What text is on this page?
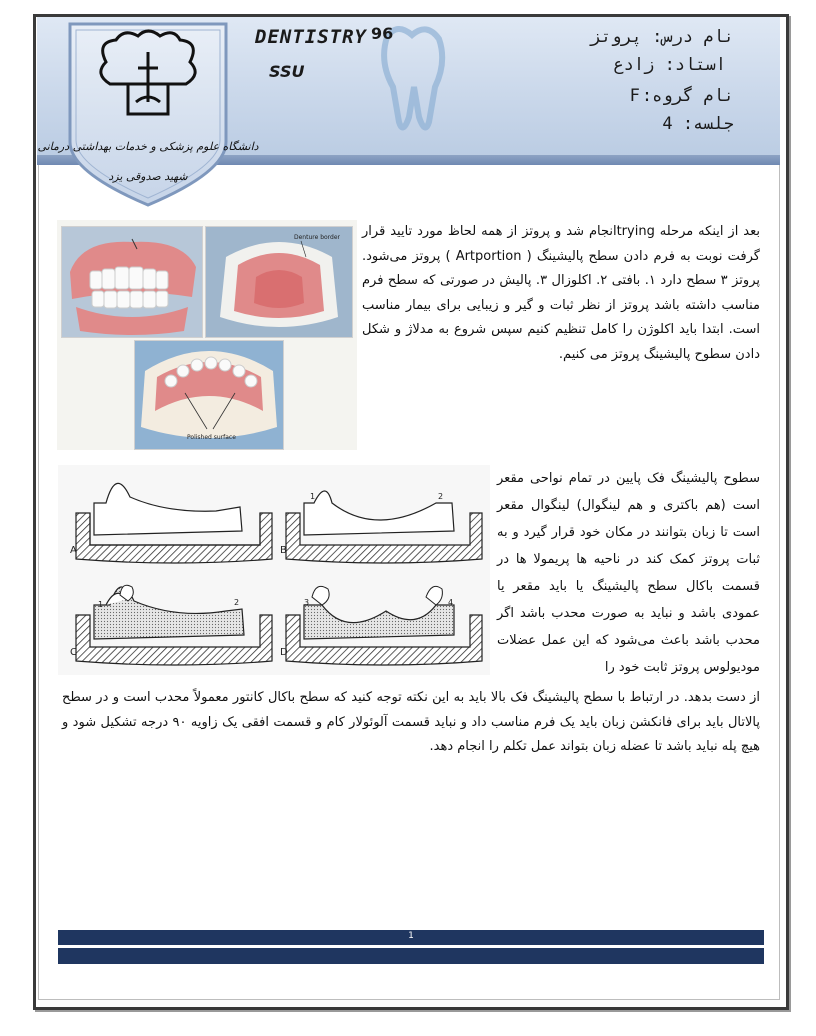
DENTISTRY 96
SSU
نام درس: پروتز
استاد: زادع
نام گروه:F
جلسه: 4
دانشگاه علوم پزشکی و خدمات بهداشتی درمانی
شهید صدوقی یزد
Denture border
Polished surface
بعد از اینکه مرحله tryingانجام شد و پروتز از همه لحاظ مورد تایید قرار گرفت نوبت به فرم دادن سطح پالیشینگ ( Artportion ) پروتز می‌شود. پروتز ۳ سطح دارد ۱. بافتی ۲. اکلوزال ۳. پالیش در صورتی که سطح فرم مناسب داشته باشد پروتز از نظر ثبات و گیر و زیبایی برای بیمار مناسب است. ابتدا باید اکلوژن را کامل تنظیم کنیم سپس شروع به مدلاژ و شکل دادن سطوح پالیشینگ پروتز می کنیم.
A	B
1	2
C
1	2
D
3	4
سطوح پالیشینگ فک پایین در تمام نواحی مقعر است (هم باکتری و هم لینگوال) لینگوال مقعر است تا زبان بتوانند در مکان خود قرار گیرد و به ثبات پروتز کمک کند در ناحیه ها پریمولا ها در قسمت باکال سطح پالیشینگ یا باید مقعر یا عمودی باشد و نباید به صورت محدب باشد اگر محدب باشد باعث می‌شود که این عمل عضلات مودیولوس پروتز ثابت خود را
از دست بدهد. در ارتباط با سطح پالیشینگ فک بالا باید به این نکته توجه کنید که سطح باکال کانتور معمولاً محدب است و در سطح پالاتال باید برای فانکشن زبان باید یک فرم مناسب داد و نباید قسمت آلوئولار کام و قسمت افقی یک زاویه ۹۰ درجه تشکیل شود و هیچ پله نباید باشد تا عضله زبان بتواند عمل تکلم را انجام دهد.
1
